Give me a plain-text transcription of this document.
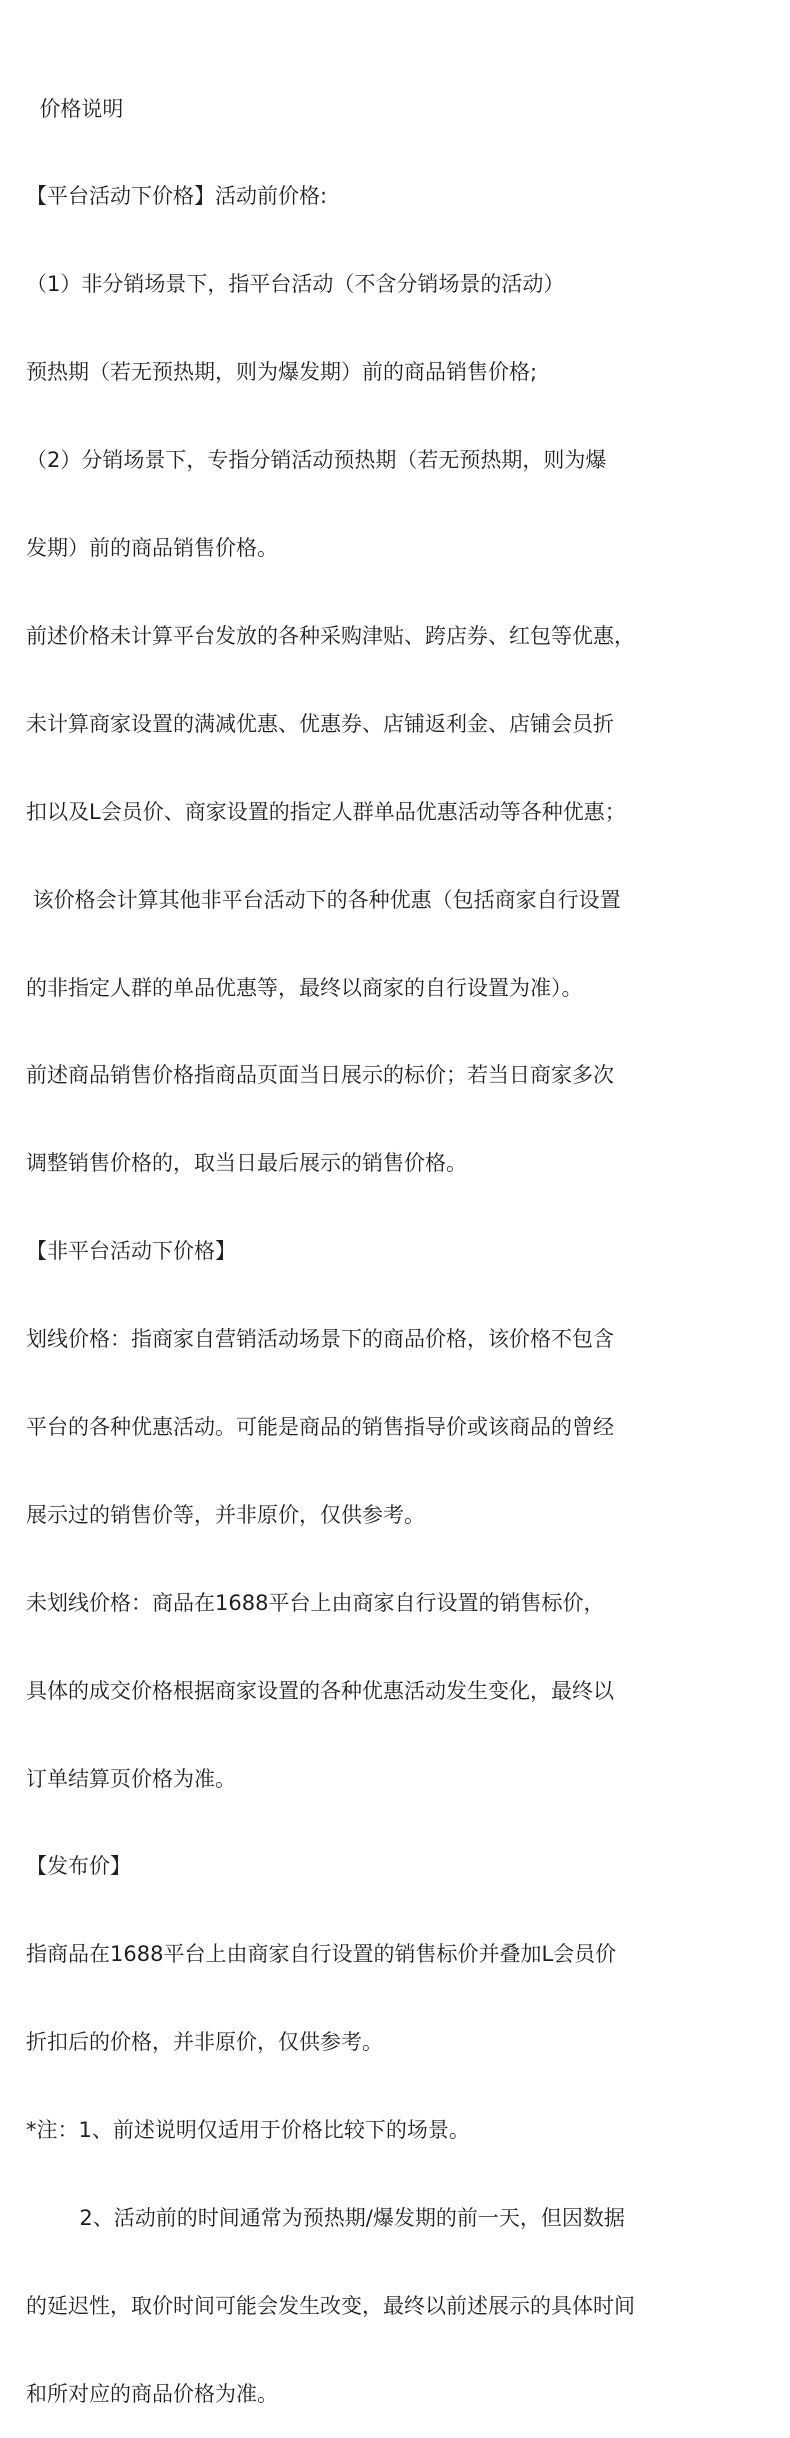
价格说明

【平台活动下价格】活动前价格:

（1）非分销场景下，指平台活动（不含分销场景的活动）

预热期（若无预热期，则为爆发期）前的商品销售价格;

（2）分销场景下，专指分销活动预热期（若无预热期，则为爆

发期）前的商品销售价格。

前述价格未计算平台发放的各种采购津贴、跨店券、红包等优惠，

未计算商家设置的满减优惠、优惠券、店铺返利金、店铺会员折

扣以及L会员价、商家设置的指定人群单品优惠活动等各种优惠；

该价格会计算其他非平台活动下的各种优惠（包括商家自行设置

的非指定人群的单品优惠等，最终以商家的自行设置为准）。

前述商品销售价格指商品页面当日展示的标价；若当日商家多次

调整销售价格的，取当日最后展示的销售价格。

【非平台活动下价格】

划线价格：指商家自营销活动场景下的商品价格，该价格不包含

平台的各种优惠活动。可能是商品的销售指导价或该商品的曾经

展示过的销售价等，并非原价，仅供参考。

未划线价格：商品在1688平台上由商家自行设置的销售标价，

具体的成交价格根据商家设置的各种优惠活动发生变化，最终以

订单结算页价格为准。

【发布价】

指商品在1688平台上由商家自行设置的销售标价并叠加L会员价

折扣后的价格，并非原价，仅供参考。

*注：1、前述说明仅适用于价格比较下的场景。

2、活动前的时间通常为预热期/爆发期的前一天，但因数据

的延迟性，取价时间可能会发生改变，最终以前述展示的具体时间

和所对应的商品价格为准。
